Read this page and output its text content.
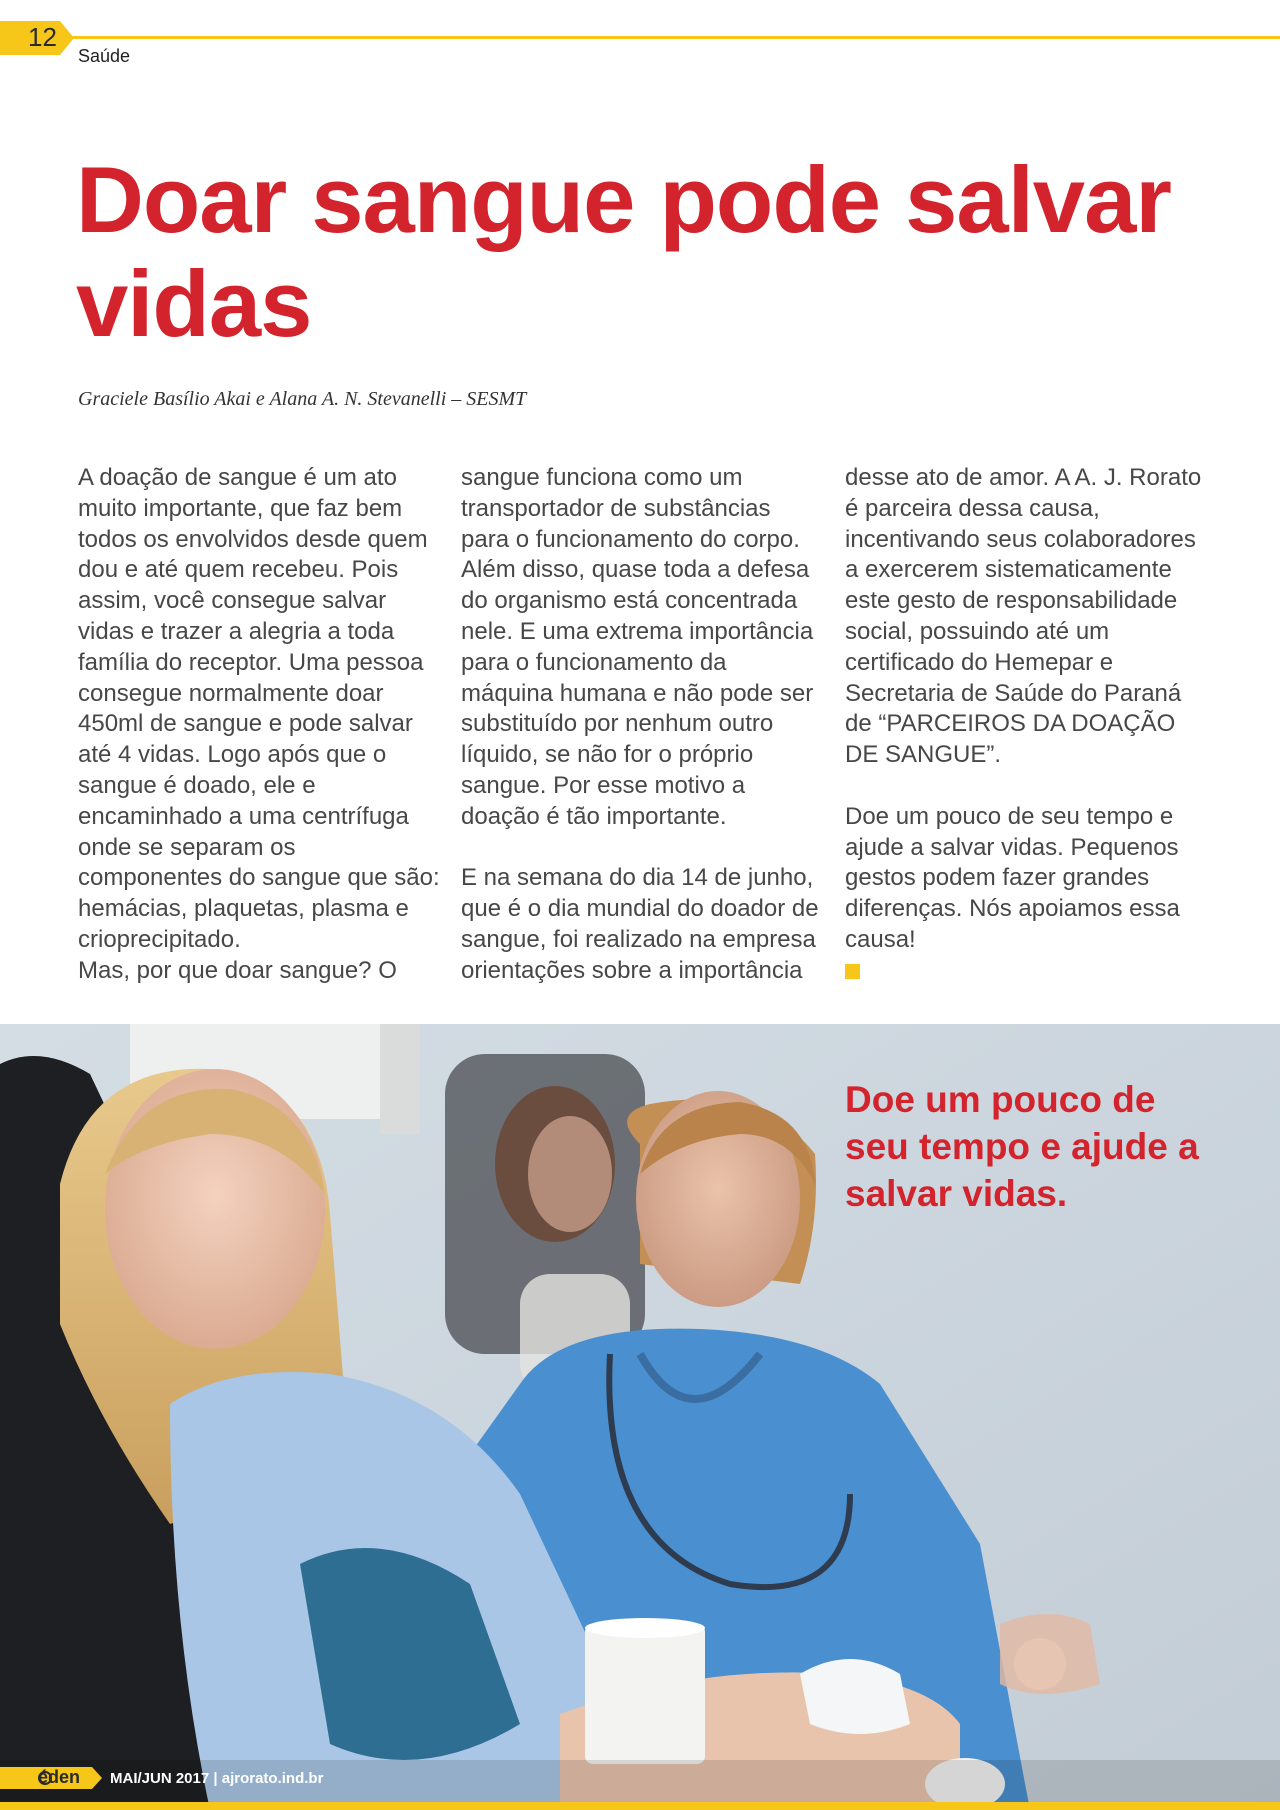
12
Saúde
Doar sangue pode salvar vidas
Graciele Basílio Akai e Alana A. N. Stevanelli – SESMT

A doação de sangue é um ato muito importante, que faz bem todos os envolvidos desde quem dou e até quem recebeu. Pois assim, você consegue salvar vidas e trazer a alegria a toda família do receptor. Uma pessoa consegue normalmente doar 450ml de sangue e pode salvar até 4 vidas. Logo após que o sangue é doado, ele e encaminhado a uma centrífuga onde se separam os componentes do sangue que são: hemácias, plaquetas, plasma e crioprecipitado.

Mas, por que doar sangue? O

sangue funciona como um transportador de substâncias para o funcionamento do corpo. Além disso, quase toda a defesa do organismo está concentrada nele. E uma extrema importância para o funcionamento da máquina humana e não pode ser substituído por nenhum outro líquido, se não for o próprio sangue. Por esse motivo a doação é tão importante.

E na semana do dia 14 de junho, que é o dia mundial do doador de sangue, foi realizado na empresa orientações sobre a importância

desse ato de amor. A A. J. Rorato é parceira dessa causa, incentivando seus colaboradores a exercerem sistematicamente este gesto de responsabilidade social, possuindo até um certificado do Hemepar e Secretaria de Saúde do Paraná de “PARCEIROS DA DOAÇÃO DE SANGUE”.

Doe um pouco de seu tempo e ajude a salvar vidas. Pequenos gestos podem fazer grandes diferenças. Nós apoiamos essa causa!

Doe um pouco de seu tempo e ajude a salvar vidas.
éden MAI/JUN 2017 | ajrorato.ind.br
